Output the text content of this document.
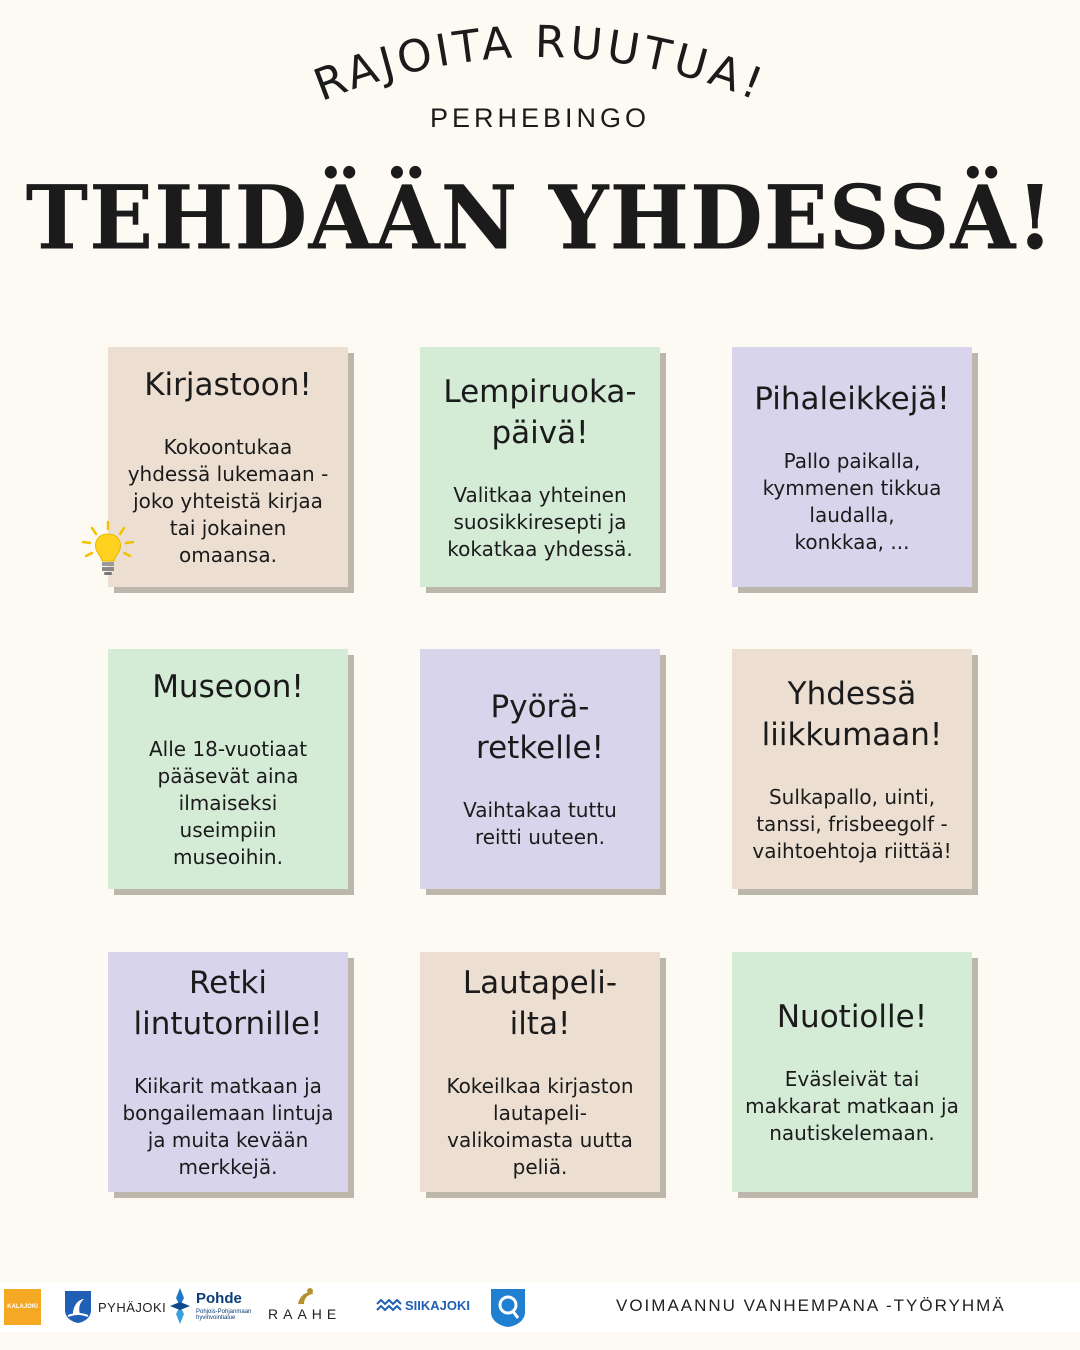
RAJOITA RUUTUA!
PERHEBINGO
TEHDÄÄN YHDESSÄ!
Kirjastoon!
Kokoontukaa
yhdessä lukemaan -
joko yhteistä kirjaa
tai jokainen
omaansa.
Lempiruoka-
päivä!
Valitkaa yhteinen
suosikkiresepti ja
kokatkaa yhdessä.
Pihaleikkejä!
Pallo paikalla,
kymmenen tikkua
laudalla,
konkkaa, ...
Museoon!
Alle 18-vuotiaat
pääsevät aina
ilmaiseksi
useimpiin
museoihin.
Pyörä-
retkelle!
Vaihtakaa tuttu
reitti uuteen.
Yhdessä
liikkumaan!
Sulkapallo, uinti,
tanssi, frisbeegolf -
vaihtoehtoja riittää!
Retki
lintutornille!
Kiikarit matkaan ja
bongailemaan lintuja
ja muita kevään
merkkejä.
Lautapeli-
ilta!
Kokeilkaa kirjaston
lautapeli-
valikoimasta uutta
peliä.
Nuotiolle!
Eväsleivät tai
makkarat matkaan ja
nautiskelemaan.
KALAJOKI	PYHÄJOKI Pohde
Pohjois-Pohjanmaan
hyvinvointialue	RAAHE
SIIKAJOKI	VOIMAANNU VANHEMPANA -TYÖRYHMÄ
